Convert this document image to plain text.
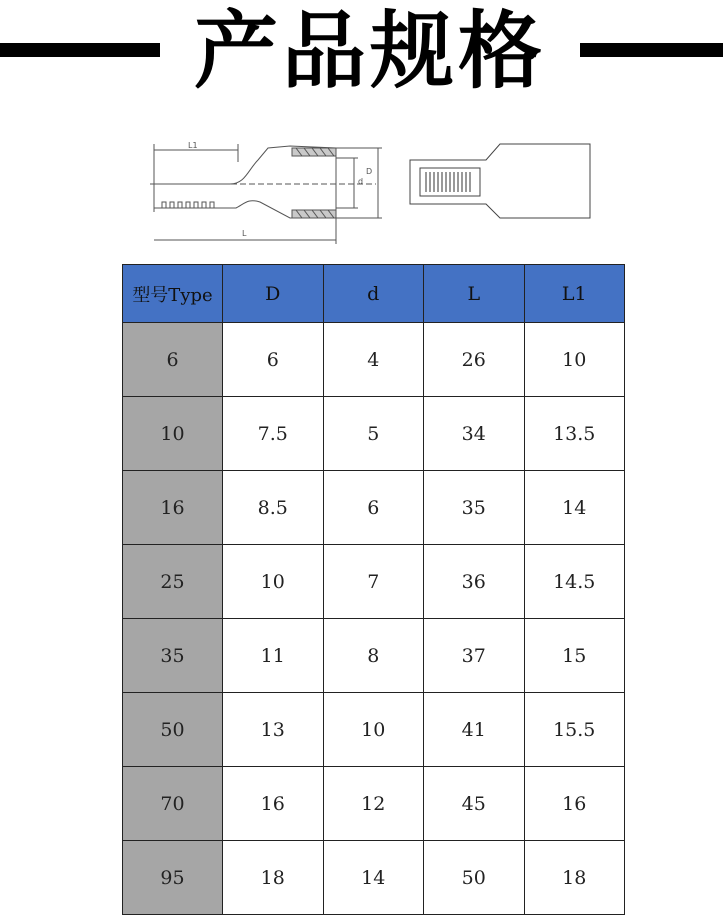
产品规格
L1
d
D
L
型号Type	D	d	L	L1
6	6	4	26	10
10	7.5	5	34	13.5
16	8.5	6	35	14
25	10	7	36	14.5
35	11	8	37	15
50	13	10	41	15.5
70	16	12	45	16
95	18	14	50	18
